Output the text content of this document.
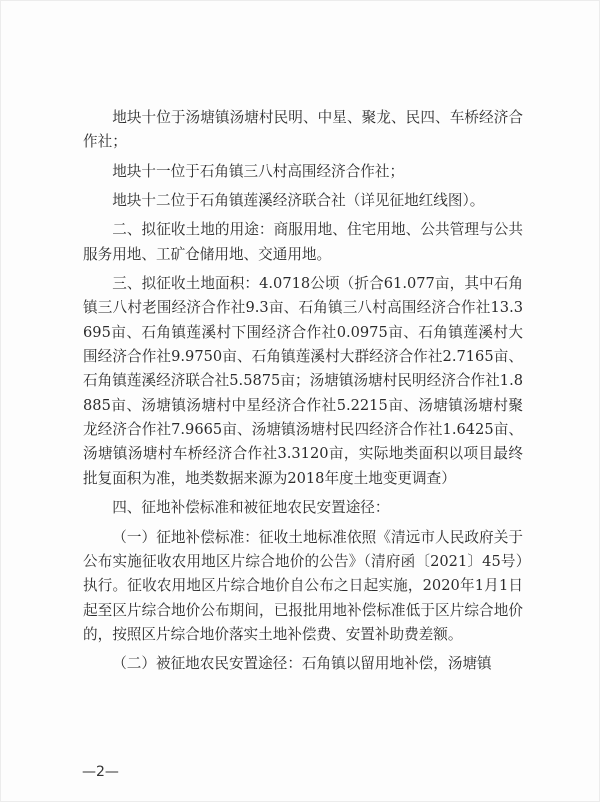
地块十位于汤塘镇汤塘村民明、中星、聚龙、民四、车桥经济合作社；

地块十一位于石角镇三八村高围经济合作社；

地块十二位于石角镇莲溪经济联合社（详见征地红线图）。

二、拟征收土地的用途：商服用地、住宅用地、公共管理与公共服务用地、工矿仓储用地、交通用地。

三、拟征收土地面积：4.0718公顷（折合61.077亩，其中石角镇三八村老围经济合作社9.3亩、石角镇三八村高围经济合作社13.3695亩、石角镇莲溪村下围经济合作社0.0975亩、石角镇莲溪村大围经济合作社9.9750亩、石角镇莲溪村大群经济合作社2.7165亩、石角镇莲溪经济联合社5.5875亩；汤塘镇汤塘村民明经济合作社1.8885亩、汤塘镇汤塘村中星经济合作社5.2215亩、汤塘镇汤塘村聚龙经济合作社7.9665亩、汤塘镇汤塘村民四经济合作社1.6425亩、汤塘镇汤塘村车桥经济合作社3.3120亩，实际地类面积以项目最终批复面积为准，地类数据来源为2018年度土地变更调查）

四、征地补偿标准和被征地农民安置途径：

（一）征地补偿标准：征收土地标准依照《清远市人民政府关于公布实施征收农用地区片综合地价的公告》（清府函〔2021〕45号）执行。征收农用地区片综合地价自公布之日起实施，2020年1月1日起至区片综合地价公布期间，已报批用地补偿标准低于区片综合地价的，按照区片综合地价落实土地补偿费、安置补助费差额。

（二）被征地农民安置途径：石角镇以留用地补偿，汤塘镇

—2—
